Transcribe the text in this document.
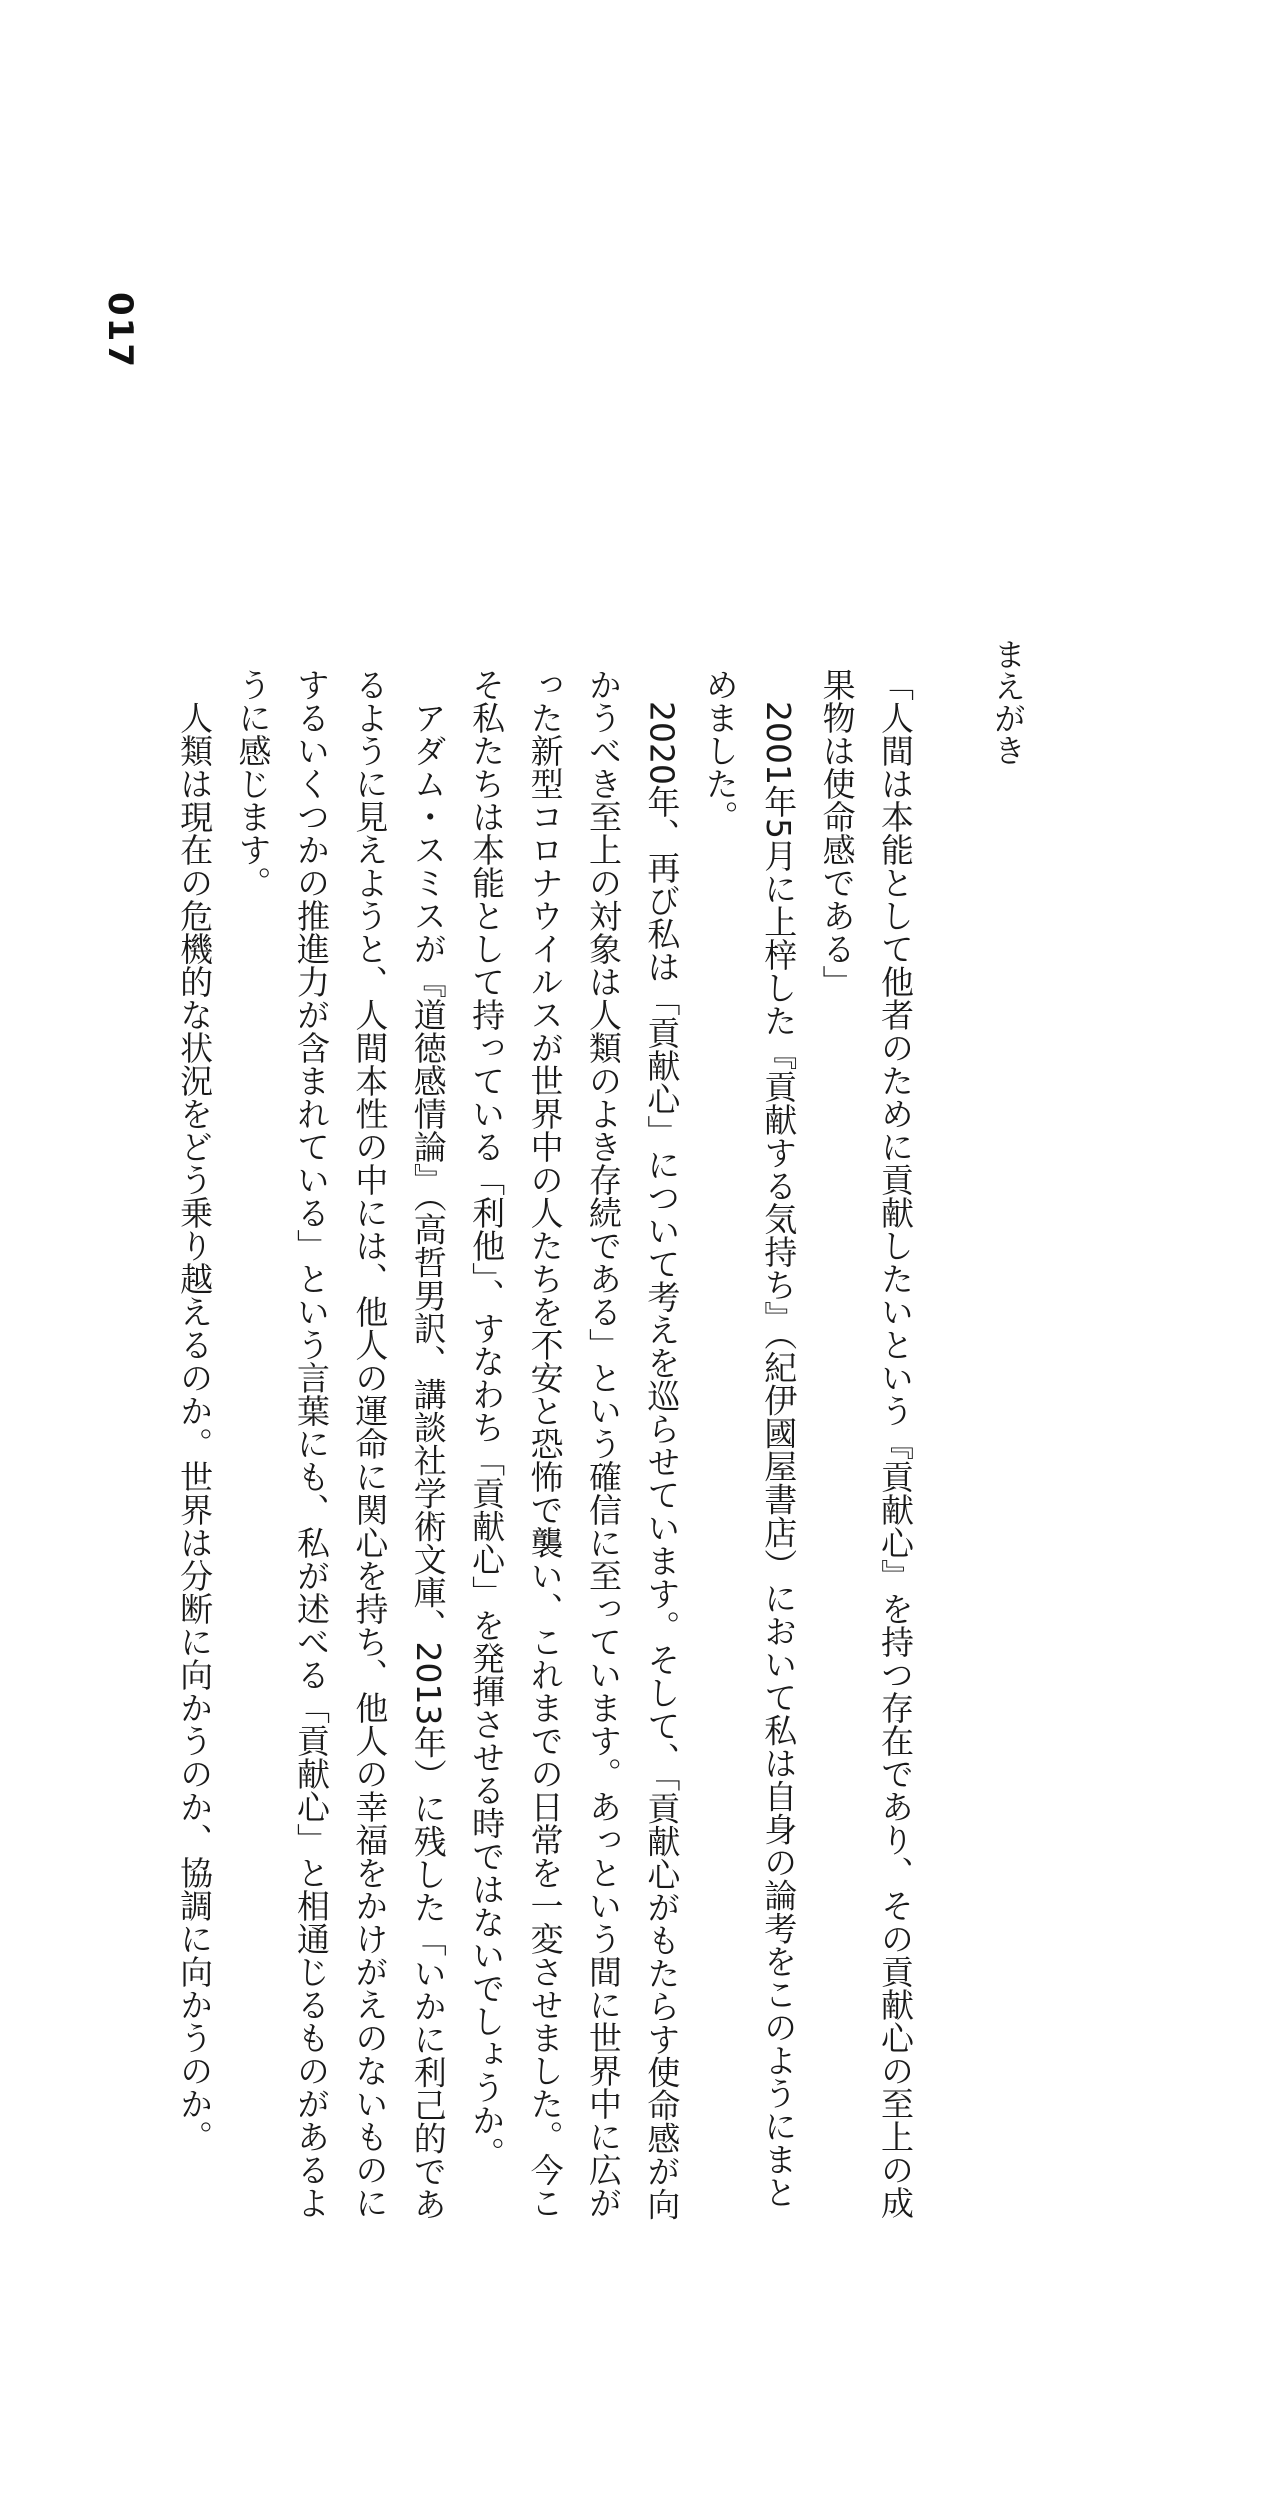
017
まえがき

「人間は本能として他者のために貢献したいという『貢献心』を持つ存在であり、その貢献心の至上の成果物は使命感である」

2001年5月に上梓した『貢献する気持ち』（紀伊國屋書店）において私は自身の論考をこのようにまとめました。

2020年、再び私は「貢献心」について考えを巡らせています。そして、「貢献心がもたらす使命感が向かうべき至上の対象は人類のよき存続である」という確信に至っています。あっという間に世界中に広がった新型コロナウイルスが世界中の人たちを不安と恐怖で襲い、これまでの日常を一変させました。今こそ私たちは本能として持っている「利他」、すなわち「貢献心」を発揮させる時ではないでしょうか。

アダム・スミスが『道徳感情論』（高哲男訳、講談社学術文庫、2013年）に残した「いかに利己的であるように見えようと、人間本性の中には、他人の運命に関心を持ち、他人の幸福をかけがえのないものにするいくつかの推進力が含まれている」という言葉にも、私が述べる「貢献心」と相通じるものがあるように感じます。

人類は現在の危機的な状況をどう乗り越えるのか。世界は分断に向かうのか、協調に向かうのか。
